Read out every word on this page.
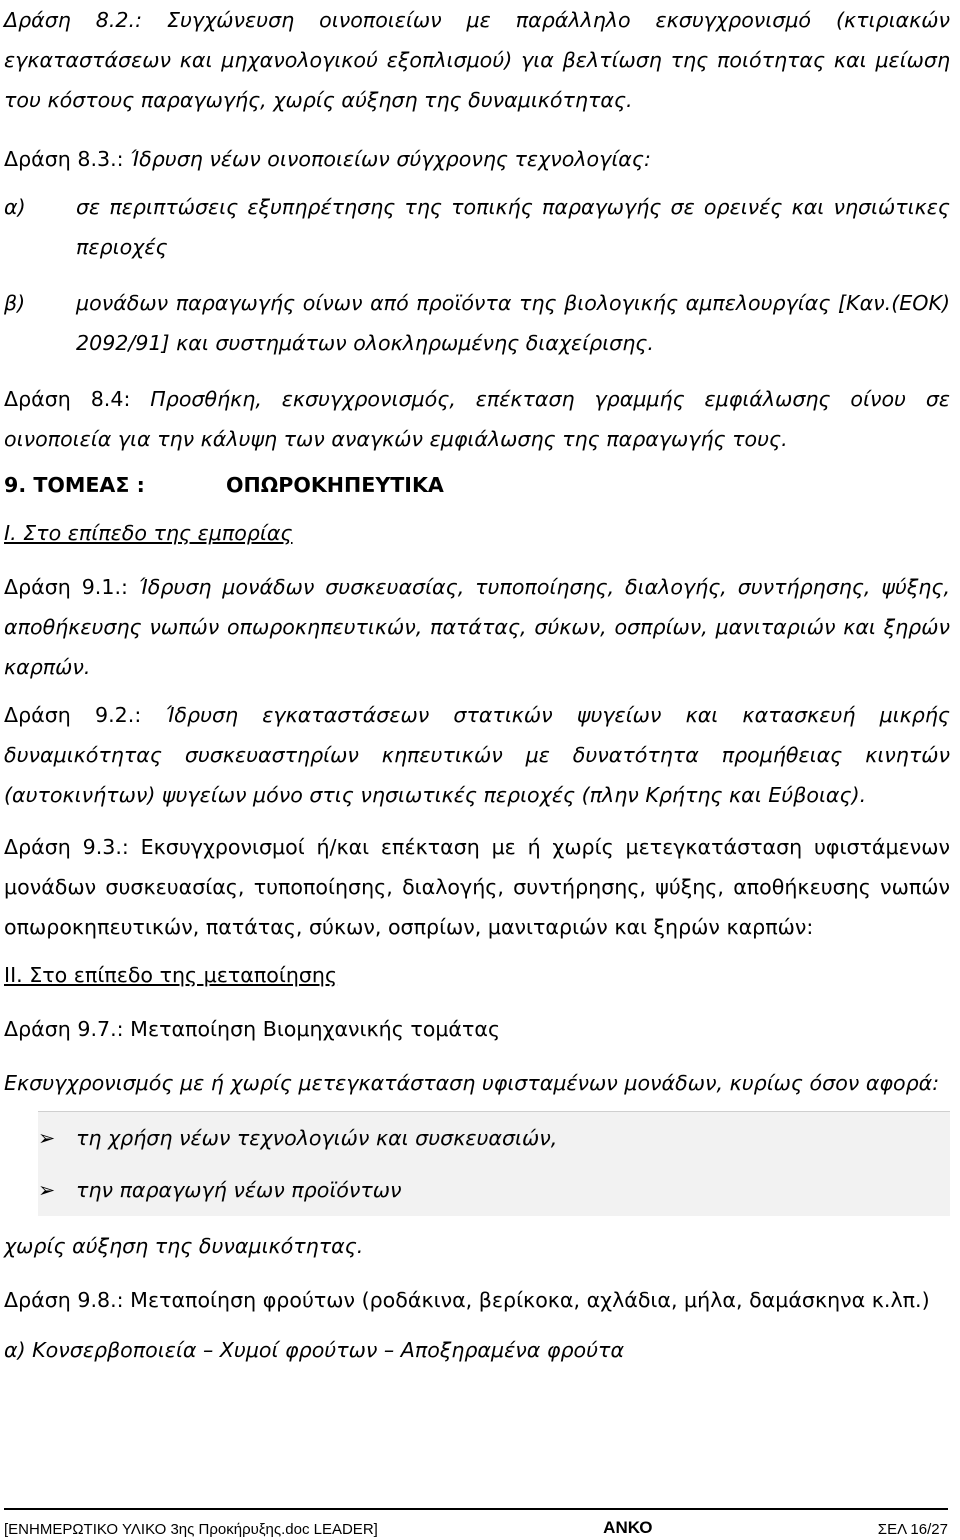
Δράση 8.2.: Συγχώνευση οινοποιείων με παράλληλο εκσυγχρονισμό (κτιριακών εγκαταστάσεων και μηχανολογικού εξοπλισμού) για βελτίωση της ποιότητας και μείωση του κόστους παραγωγής, χωρίς αύξηση της δυναμικότητας.

Δράση 8.3.: Ίδρυση νέων οινοποιείων σύγχρονης τεχνολογίας:

α)	σε περιπτώσεις εξυπηρέτησης της τοπικής παραγωγής σε ορεινές και νησιώτικες περιοχές

β)	μονάδων παραγωγής οίνων από προϊόντα της βιολογικής αμπελουργίας [Καν.(ΕΟΚ) 2092/91] και συστημάτων ολοκληρωμένης διαχείρισης.

Δράση 8.4: Προσθήκη, εκσυγχρονισμός, επέκταση γραμμής εμφιάλωσης οίνου σε οινοποιεία για την κάλυψη των αναγκών εμφιάλωσης της παραγωγής τους.

9. ΤΟΜΕΑΣ :	ΟΠΩΡΟΚΗΠΕΥΤΙΚΑ

Ι. Στο επίπεδο της εμπορίας

Δράση 9.1.: Ίδρυση μονάδων συσκευασίας, τυποποίησης, διαλογής, συντήρησης, ψύξης, αποθήκευσης νωπών οπωροκηπευτικών, πατάτας, σύκων, οσπρίων, μανιταριών και ξηρών καρπών.

Δράση 9.2.: Ίδρυση εγκαταστάσεων στατικών ψυγείων και κατασκευή μικρής δυναμικότητας συσκευαστηρίων κηπευτικών με δυνατότητα προμήθειας κινητών (αυτοκινήτων) ψυγείων μόνο στις νησιωτικές περιοχές (πλην Κρήτης και Εύβοιας).

Δράση 9.3.: Εκσυγχρονισμοί ή/και επέκταση με ή χωρίς μετεγκατάσταση υφιστάμενων μονάδων συσκευασίας, τυποποίησης, διαλογής, συντήρησης, ψύξης, αποθήκευσης νωπών οπωροκηπευτικών, πατάτας, σύκων, οσπρίων, μανιταριών και ξηρών καρπών:

ΙΙ. Στο επίπεδο της μεταποίησης

Δράση 9.7.: Μεταποίηση Βιομηχανικής τομάτας

Εκσυγχρονισμός με ή χωρίς μετεγκατάσταση υφισταμένων μονάδων, κυρίως όσον αφορά:

➢	τη χρήση νέων τεχνολογιών και συσκευασιών,
➢	την παραγωγή νέων προϊόντων

χωρίς αύξηση της δυναμικότητας.

Δράση 9.8.: Μεταποίηση φρούτων (ροδάκινα, βερίκοκα, αχλάδια, μήλα, δαμάσκηνα κ.λπ.)

α) Κονσερβοποιεία – Χυμοί φρούτων – Αποξηραμένα φρούτα

[ΕΝΗΜΕΡΩΤΙΚΟ ΥΛΙΚΟ 3ης Προκήρυξης.doc LEADER]	ΑΝΚΟ	ΣΕΛ 16/27
